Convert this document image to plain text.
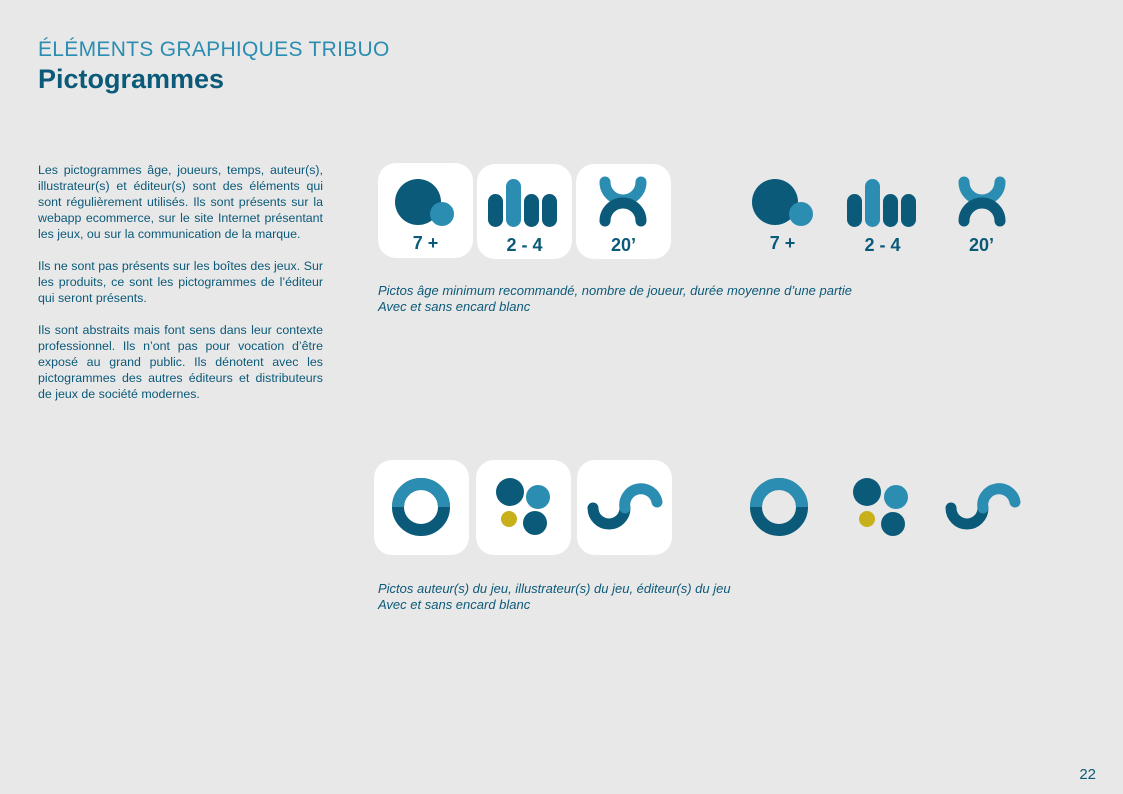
ÉLÉMENTS GRAPHIQUES TRIBUO
Pictogrammes

Les pictogrammes âge, joueurs, temps, auteur(s), illustrateur(s) et éditeur(s) sont des éléments qui sont régulièrement utilisés. Ils sont présents sur la webapp ecommerce, sur le site Internet présentant les jeux, ou sur la communication de la marque.

Ils ne sont pas présents sur les boîtes des jeux. Sur les produits, ce sont les pictogrammes de l’éditeur qui seront présents.

Ils sont abstraits mais font sens dans leur contexte professionnel. Ils n’ont pas pour vocation d’être exposé au grand public. Ils dénotent avec les pictogrammes des autres éditeurs et distributeurs de jeux de société modernes.

7 +	2 - 4	20’	7 +	2 - 4	20’
Pictos âge minimum recommandé, nombre de joueur, durée moyenne d’une partie
Avec et sans encard blanc
Pictos auteur(s) du jeu, illustrateur(s) du jeu, éditeur(s) du jeu
Avec et sans encard blanc
22
